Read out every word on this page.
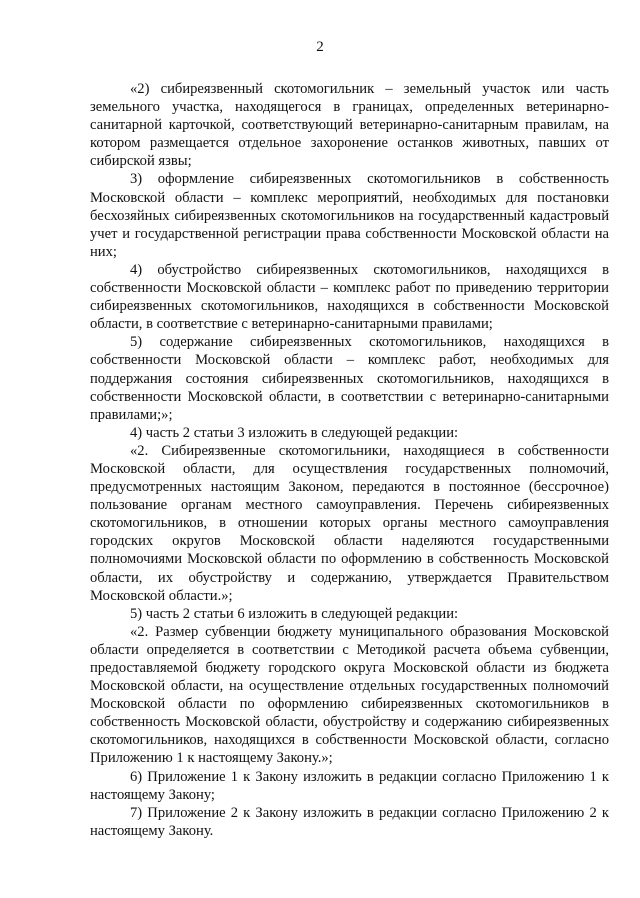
2

«2) сибиреязвенный скотомогильник – земельный участок или часть земельного участка, находящегося в границах, определенных ветеринарно-санитарной карточкой, соответствующий ветеринарно-санитарным правилам, на котором размещается отдельное захоронение останков животных, павших от сибирской язвы;

3) оформление сибиреязвенных скотомогильников в собственность Московской области – комплекс мероприятий, необходимых для постановки бесхозяйных сибиреязвенных скотомогильников на государственный кадастровый учет и государственной регистрации права собственности Московской области на них;

4) обустройство сибиреязвенных скотомогильников, находящихся в собственности Московской области – комплекс работ по приведению территории сибиреязвенных скотомогильников, находящихся в собственности Московской области, в соответствие с ветеринарно-санитарными правилами;

5) содержание сибиреязвенных скотомогильников, находящихся в собственности Московской области – комплекс работ, необходимых для поддержания состояния сибиреязвенных скотомогильников, находящихся в собственности Московской области, в соответствии с ветеринарно-санитарными правилами;»;

4) часть 2 статьи 3 изложить в следующей редакции:

«2. Сибиреязвенные скотомогильники, находящиеся в собственности Московской области, для осуществления государственных полномочий, предусмотренных настоящим Законом, передаются в постоянное (бессрочное) пользование органам местного самоуправления. Перечень сибиреязвенных скотомогильников, в отношении которых органы местного самоуправления городских округов Московской области наделяются государственными полномочиями Московской области по оформлению в собственность Московской области, их обустройству и содержанию, утверждается Правительством Московской области.»;

5) часть 2 статьи 6 изложить в следующей редакции:

«2. Размер субвенции бюджету муниципального образования Московской области определяется в соответствии с Методикой расчета объема субвенции, предоставляемой бюджету городского округа Московской области из бюджета Московской области, на осуществление отдельных государственных полномочий Московской области по оформлению сибиреязвенных скотомогильников в собственность Московской области, обустройству и содержанию сибиреязвенных скотомогильников, находящихся в собственности Московской области, согласно Приложению 1 к настоящему Закону.»;

6) Приложение 1 к Закону изложить в редакции согласно Приложению 1 к настоящему Закону;

7) Приложение 2 к Закону изложить в редакции согласно Приложению 2 к настоящему Закону.
